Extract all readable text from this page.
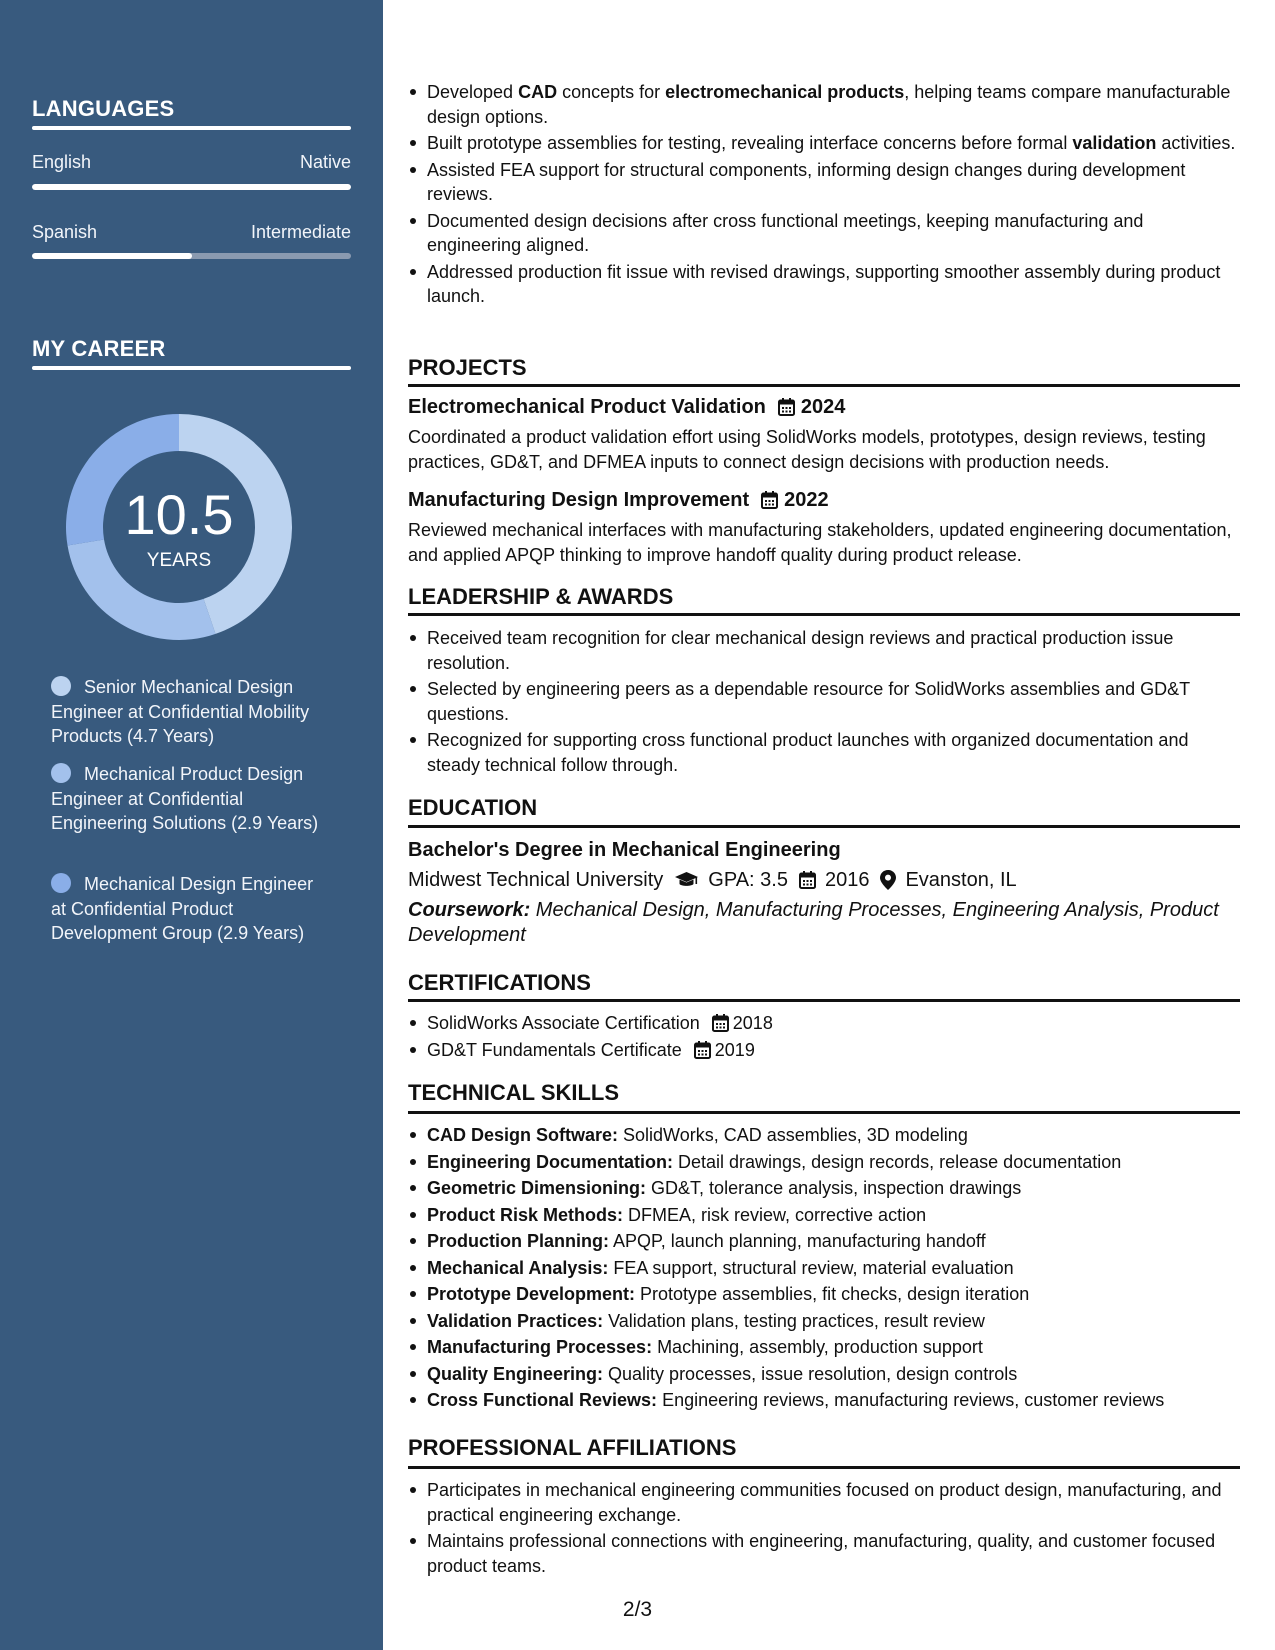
LANGUAGES
English	Native
Spanish	Intermediate
MY CAREER
10.5
YEARS
Senior Mechanical Design Engineer at Confidential Mobility Products (4.7 Years)
Mechanical Product Design Engineer at Confidential Engineering Solutions (2.9 Years)
Mechanical Design Engineer at Confidential Product Development Group (2.9 Years)
Developed CAD concepts for electromechanical products, helping teams compare manufacturable design options.
Built prototype assemblies for testing, revealing interface concerns before formal validation activities.
Assisted FEA support for structural components, informing design changes during development reviews.
Documented design decisions after cross functional meetings, keeping manufacturing and engineering aligned.
Addressed production fit issue with revised drawings, supporting smoother assembly during product launch.
PROJECTS
Electromechanical Product Validation 2024
Coordinated a product validation effort using SolidWorks models, prototypes, design reviews, testing practices, GD&T, and DFMEA inputs to connect design decisions with production needs.
Manufacturing Design Improvement 2022
Reviewed mechanical interfaces with manufacturing stakeholders, updated engineering documentation, and applied APQP thinking to improve handoff quality during product release.
LEADERSHIP & AWARDS
Received team recognition for clear mechanical design reviews and practical production issue resolution.
Selected by engineering peers as a dependable resource for SolidWorks assemblies and GD&T questions.
Recognized for supporting cross functional product launches with organized documentation and steady technical follow through.
EDUCATION
Bachelor's Degree in Mechanical Engineering
Midwest Technical University GPA: 3.5 2016 Evanston, IL
Coursework: Mechanical Design, Manufacturing Processes, Engineering Analysis, Product Development
CERTIFICATIONS
SolidWorks Associate Certification 2018
GD&T Fundamentals Certificate 2019
TECHNICAL SKILLS
CAD Design Software: SolidWorks, CAD assemblies, 3D modeling
Engineering Documentation: Detail drawings, design records, release documentation
Geometric Dimensioning: GD&T, tolerance analysis, inspection drawings
Product Risk Methods: DFMEA, risk review, corrective action
Production Planning: APQP, launch planning, manufacturing handoff
Mechanical Analysis: FEA support, structural review, material evaluation
Prototype Development: Prototype assemblies, fit checks, design iteration
Validation Practices: Validation plans, testing practices, result review
Manufacturing Processes: Machining, assembly, production support
Quality Engineering: Quality processes, issue resolution, design controls
Cross Functional Reviews: Engineering reviews, manufacturing reviews, customer reviews
PROFESSIONAL AFFILIATIONS
Participates in mechanical engineering communities focused on product design, manufacturing, and practical engineering exchange.
Maintains professional connections with engineering, manufacturing, quality, and customer focused product teams.
2/3
